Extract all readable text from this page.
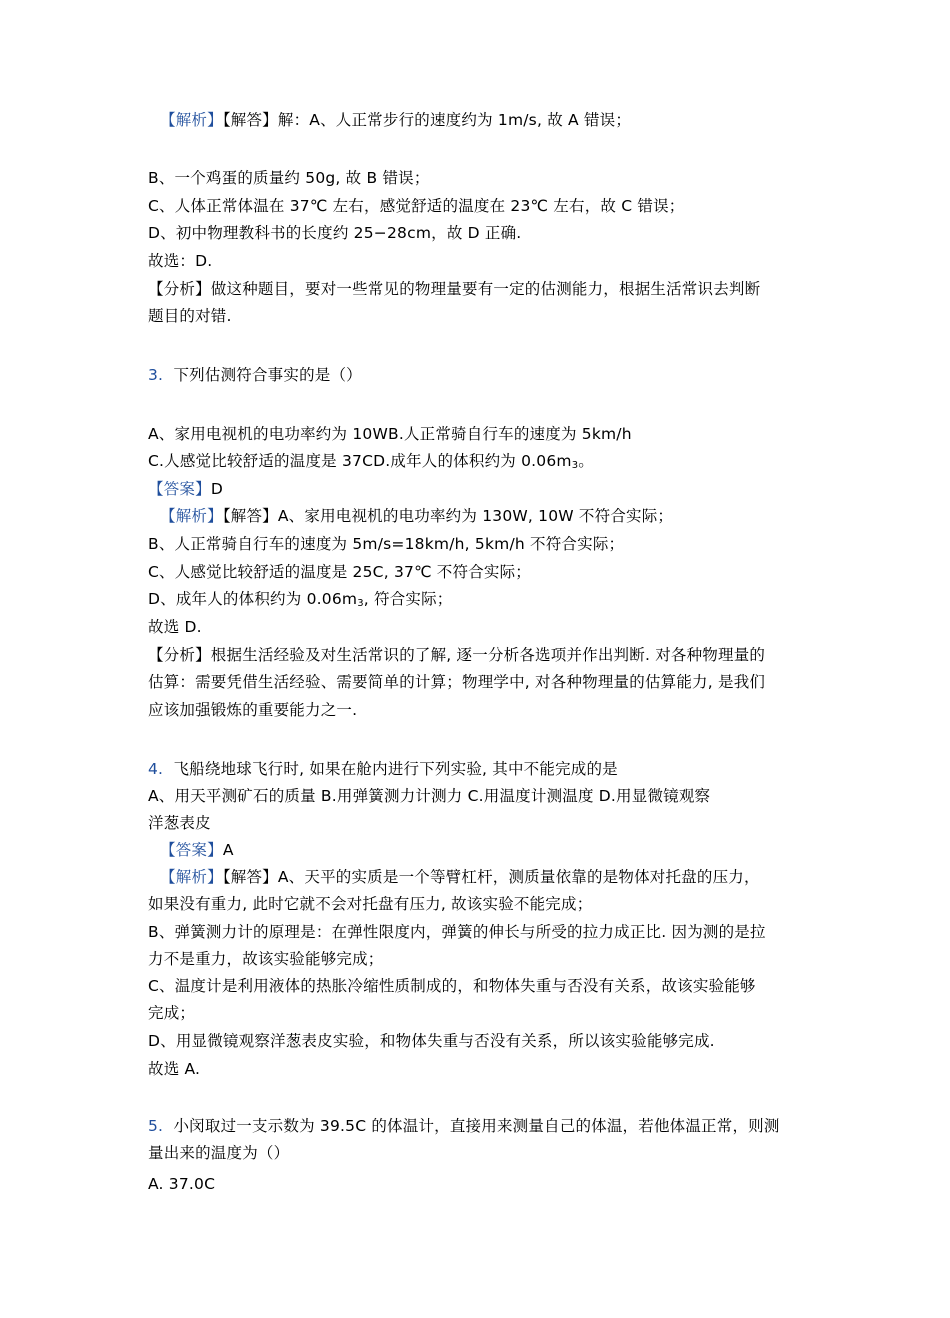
【解析】【解答】解：A、人正常步行的速度约为 1m/s, 故 A 错误；
B、一个鸡蛋的质量约 50g, 故 B 错误；
C、人体正常体温在 37℃ 左右，感觉舒适的温度在 23℃ 左右，故 C 错误；
D、初中物理教科书的长度约 25−28cm，故 D 正确.
故选：D.
【分析】做这种题目，要对一些常见的物理量要有一定的估测能力，根据生活常识去判断
题目的对错.
3. 下列估测符合事实的是（）
A、家用电视机的电功率约为 10WB.人正常骑自行车的速度为 5km/h
C.人感觉比较舒适的温度是 37CD.成年人的体积约为 0.06m3。
【答案】D
【解析】【解答】A、家用电视机的电功率约为 130W, 10W 不符合实际；
B、人正常骑自行车的速度为 5m/s=18km/h, 5km/h 不符合实际；
C、人感觉比较舒适的温度是 25C, 37℃ 不符合实际；
D、成年人的体积约为 0.06m3, 符合实际；
故选 D.
【分析】根据生活经验及对生活常识的了解, 逐一分析各选项并作出判断. 对各种物理量的
估算：需要凭借生活经验、需要简单的计算；物理学中, 对各种物理量的估算能力, 是我们
应该加强锻炼的重要能力之一.
4. 飞船绕地球飞行时, 如果在舱内进行下列实验, 其中不能完成的是
A、用天平测矿石的质量 B.用弹簧测力计测力 C.用温度计测温度 D.用显微镜观察
洋葱表皮
【答案】A
【解析】【解答】A、天平的实质是一个等臂杠杆，测质量依靠的是物体对托盘的压力，
如果没有重力, 此时它就不会对托盘有压力, 故该实验不能完成；
B、弹簧测力计的原理是：在弹性限度内，弹簧的伸长与所受的拉力成正比. 因为测的是拉
力不是重力，故该实验能够完成；
C、温度计是利用液体的热胀冷缩性质制成的，和物体失重与否没有关系，故该实验能够
完成；
D、用显微镜观察洋葱表皮实验，和物体失重与否没有关系，所以该实验能够完成.
故选 A.
5. 小闵取过一支示数为 39.5C 的体温计，直接用来测量自己的体温，若他体温正常，则测
量出来的温度为（）
A. 37.0C
